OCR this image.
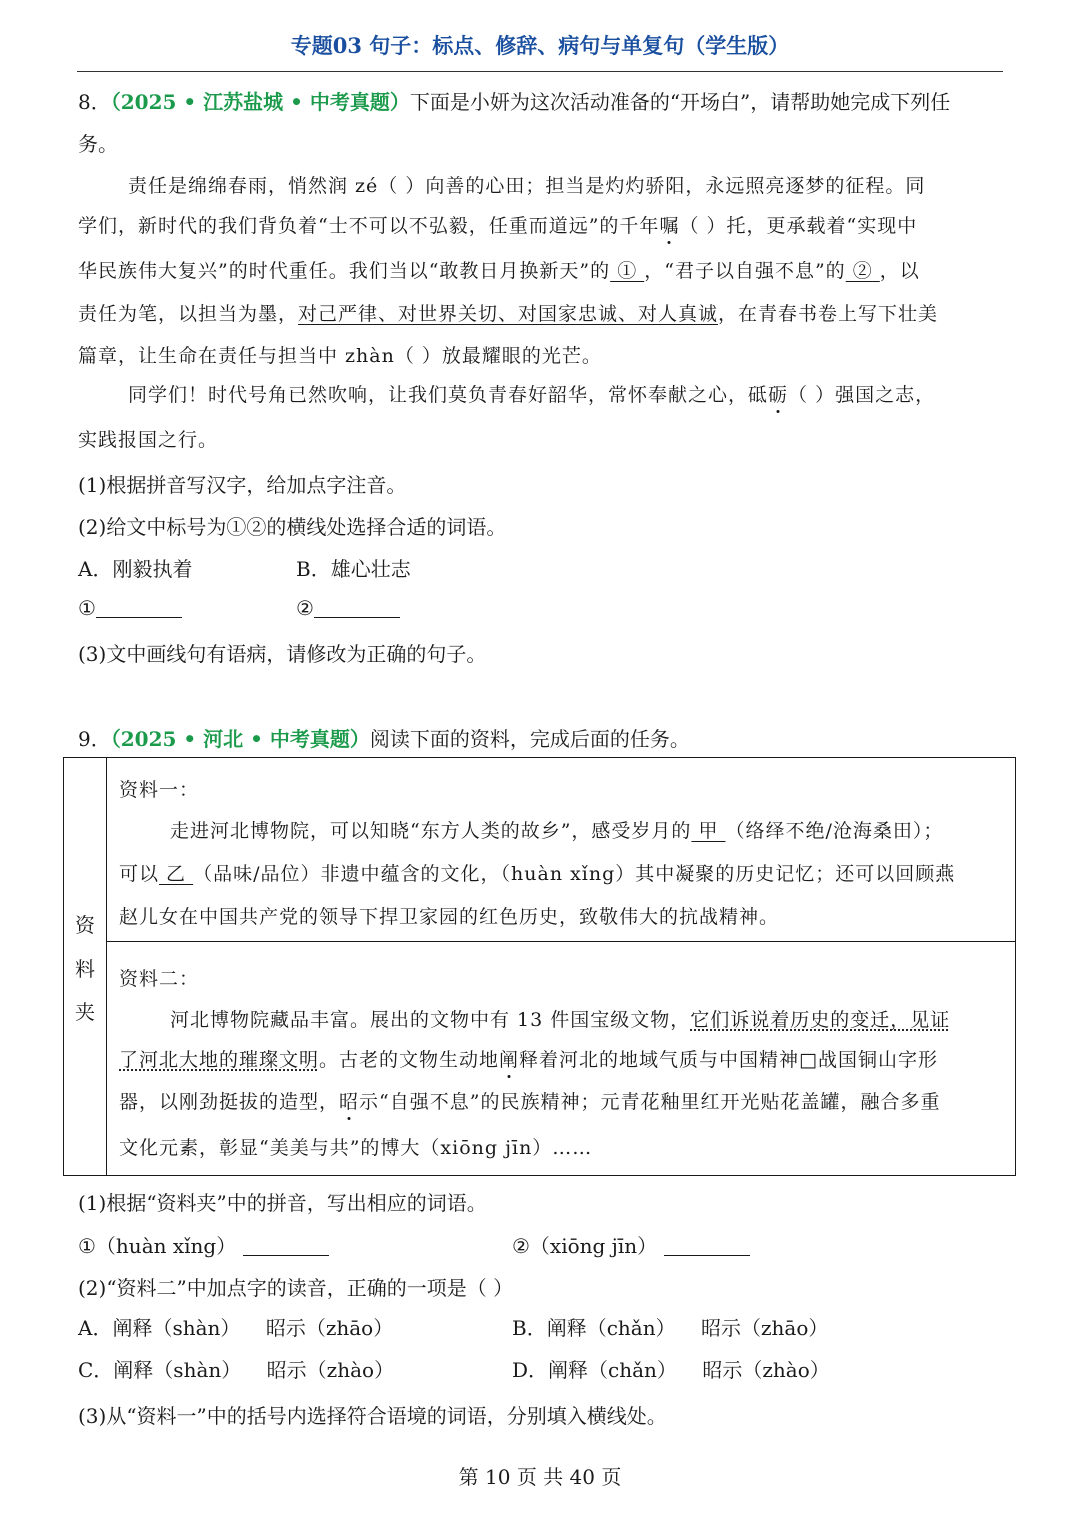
专题03 句子：标点、修辞、病句与单复句（学生版）
8．（2025 • 江苏盐城 • 中考真题）下面是小妍为这次活动准备的“开场白”，请帮助她完成下列任
务。
责任是绵绵春雨，悄然润 zé（ ）向善的心田；担当是灼灼骄阳，永远照亮逐梦的征程。同
学们，新时代的我们背负着“士不可以不弘毅，任重而道远”的千年嘱（ ）托，更承载着“实现中
华民族伟大复兴”的时代重任。我们当以“敢教日月换新天”的 ① ，“君子以自强不息”的 ② ，以
责任为笔，以担当为墨，对己严律、对世界关切、对国家忠诚、对人真诚，在青春书卷上写下壮美
篇章，让生命在责任与担当中 zhàn（ ）放最耀眼的光芒。
同学们！时代号角已然吹响，让我们莫负青春好韶华，常怀奉献之心，砥砺（ ）强国之志，
实践报国之行。
(1)根据拼音写汉字，给加点字注音。
(2)给文中标号为①②的横线处选择合适的词语。
A．刚毅执着	B．雄心壮志
①	②
(3)文中画线句有语病，请修改为正确的句子。
9．（2025 • 河北 • 中考真题）阅读下面的资料，完成后面的任务。
资
料
夹
资料一：
走进河北博物院，可以知晓“东方人类的故乡”，感受岁月的 甲 （络绎不绝/沧海桑田）；
可以 乙 （品味/品位）非遗中蕴含的文化，（huàn xǐng）其中凝聚的历史记忆；还可以回顾燕
赵儿女在中国共产党的领导下捍卫家园的红色历史，致敬伟大的抗战精神。
资料二：
河北博物院藏品丰富。展出的文物中有 13 件国宝级文物，它们诉说着历史的变迁，见证
了河北大地的璀璨文明。古老的文物生动地阐释着河北的地域气质与中国精神□战国铜山字形
器，以刚劲挺拔的造型，昭示“自强不息”的民族精神；元青花釉里红开光贴花盖罐，融合多重
文化元素，彰显“美美与共”的博大（xiōng jīn）……
(1)根据“资料夹”中的拼音，写出相应的词语。
①（huàn xǐng）	②（xiōng jīn）
(2)“资料二”中加点字的读音，正确的一项是（ ）
A．阐释（shàn）    昭示（zhāo）	B．阐释（chǎn）    昭示（zhāo）
C．阐释（shàn）    昭示（zhào）	D．阐释（chǎn）    昭示（zhào）
(3)从“资料一”中的括号内选择符合语境的词语，分别填入横线处。
第 10 页 共 40 页
